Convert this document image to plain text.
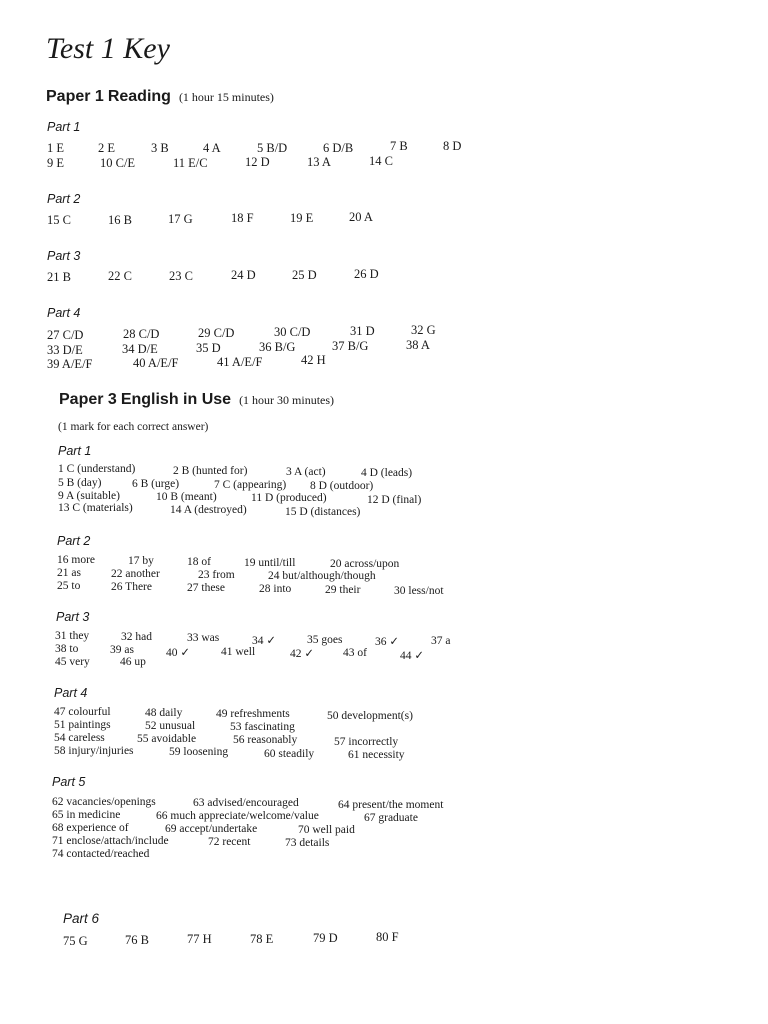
Test 1 Key
Paper 1 Reading (1 hour 15 minutes)
Part 1
1 E	2 E	3 B	4 A	5 B/D	6 D/B	7 B	8 D
9 E	10 C/E	11 E/C	12 D	13 A	14 C
Part 2
15 C	16 B	17 G	18 F	19 E	20 A
Part 3
21 B	22 C	23 C	24 D	25 D	26 D
Part 4
27 C/D	28 C/D	29 C/D	30 C/D	31 D	32 G
33 D/E	34 D/E	35 D	36 B/G	37 B/G	38 A
39 A/E/F	40 A/E/F	41 A/E/F	42 H
Paper 3 English in Use (1 hour 30 minutes)
(1 mark for each correct answer)
Part 1
1 C (understand)	2 B (hunted for)	3 A (act)	4 D (leads)
5 B (day)	6 B (urge)	7 C (appearing) 8 D (outdoor)
9 A (suitable)	10 B (meant)	11 D (produced)	12 D (final)
13 C (materials)	14 A (destroyed)	15 D (distances)
Part 2
16 more	17 by	18 of	19 until/till	20 across/upon
21 as	22 another	23 from	24 but/although/though
25 to	26 There	27 these	28 into	29 their	30 less/not
Part 3
31 they	32 had	33 was	34 ✓	35 goes	36 ✓	37 a
38 to	39 as	40 ✓	41 well	42 ✓	43 of	44 ✓
45 very	46 up
Part 4
47 colourful	48 daily	49 refreshments	50 development(s)
51 paintings	52 unusual	53 fascinating
54 careless	55 avoidable	56 reasonably	57 incorrectly
58 injury/injuries	59 loosening	60 steadily	61 necessity
Part 5
62 vacancies/openings	63 advised/encouraged	64 present/the moment
65 in medicine	66 much appreciate/welcome/value	67 graduate
68 experience of	69 accept/undertake	70 well paid
71 enclose/attach/include	72 recent	73 details
74 contacted/reached
Part 6
75 G	76 B	77 H	78 E	79 D	80 F
